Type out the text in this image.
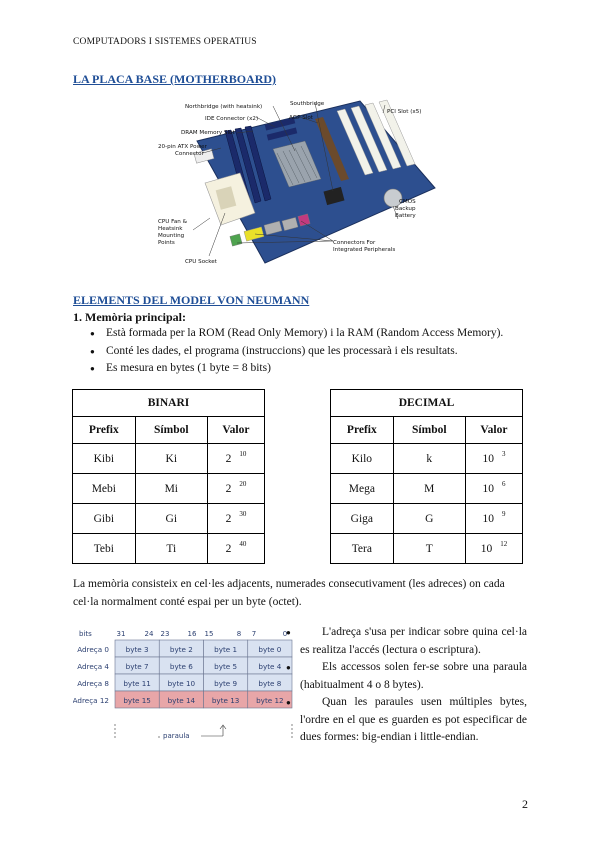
COMPUTADORS I SISTEMES OPERATIUS
LA PLACA BASE (MOTHERBOARD)
Northbridge (with heatsink)	Southbridge
IDE Connector (x2)	AGP Slot
PCI Slot (x5)
DRAM Memory Slot
20-pin ATX Power
Connector
CMOS
Backup
Battery
CPU Fan &
Heatsink
Mounting
Points	Connectors For
Integrated Peripherals
CPU Socket
ELEMENTS DEL MODEL VON NEUMANN
1. Memòria principal:
● Està formada per la ROM (Read Only Memory) i la RAM (Random Access Memory).
● Conté les dades, el programa (instruccions) que les processarà i els resultats.
● Es mesura en bytes (1 byte = 8 bits)
BINARI		
Prefix	Símbol	Valor
Kibi	Ki	2 $^{10}$
Mebi	Mi	2 $^{20}$
Gibi	Gi	2 $^{30}$
Tebi	Ti	2 $^{40}$
DECIMAL		
Prefix	Símbol	Valor
Kilo	k	10 $^3$
Mega	M	10 $^6$
Giga	G	10 $^9$
Tera	T	10 $^{12}$
La memòria consisteix en cel·les adjacents, numerades consecutivament (les adreces) on cada cel·la normalment conté espai per un byte (octet).
bits	31	24 23	16 15	8 7	0
Adreça 0 byte 3	byte 2	byte 1	byte 0
Adreça 4 byte 7	byte 6	byte 5	byte 4
Adreça 8 byte 11 byte 10	byte 9	byte 8
Adreça 12 byte 15 byte 14 byte 13 byte 12
paraula
● L'adreça s'usa per indicar sobre quina cel·la es realitza l'accés (lectura o escriptura).
● Els accessos solen fer-se sobre una paraula (habitualment 4 o 8 bytes).
● Quan les paraules usen múltiples bytes, l'ordre en el que es guarden es pot especificar de dues formes: big-endian i little-endian.
2
